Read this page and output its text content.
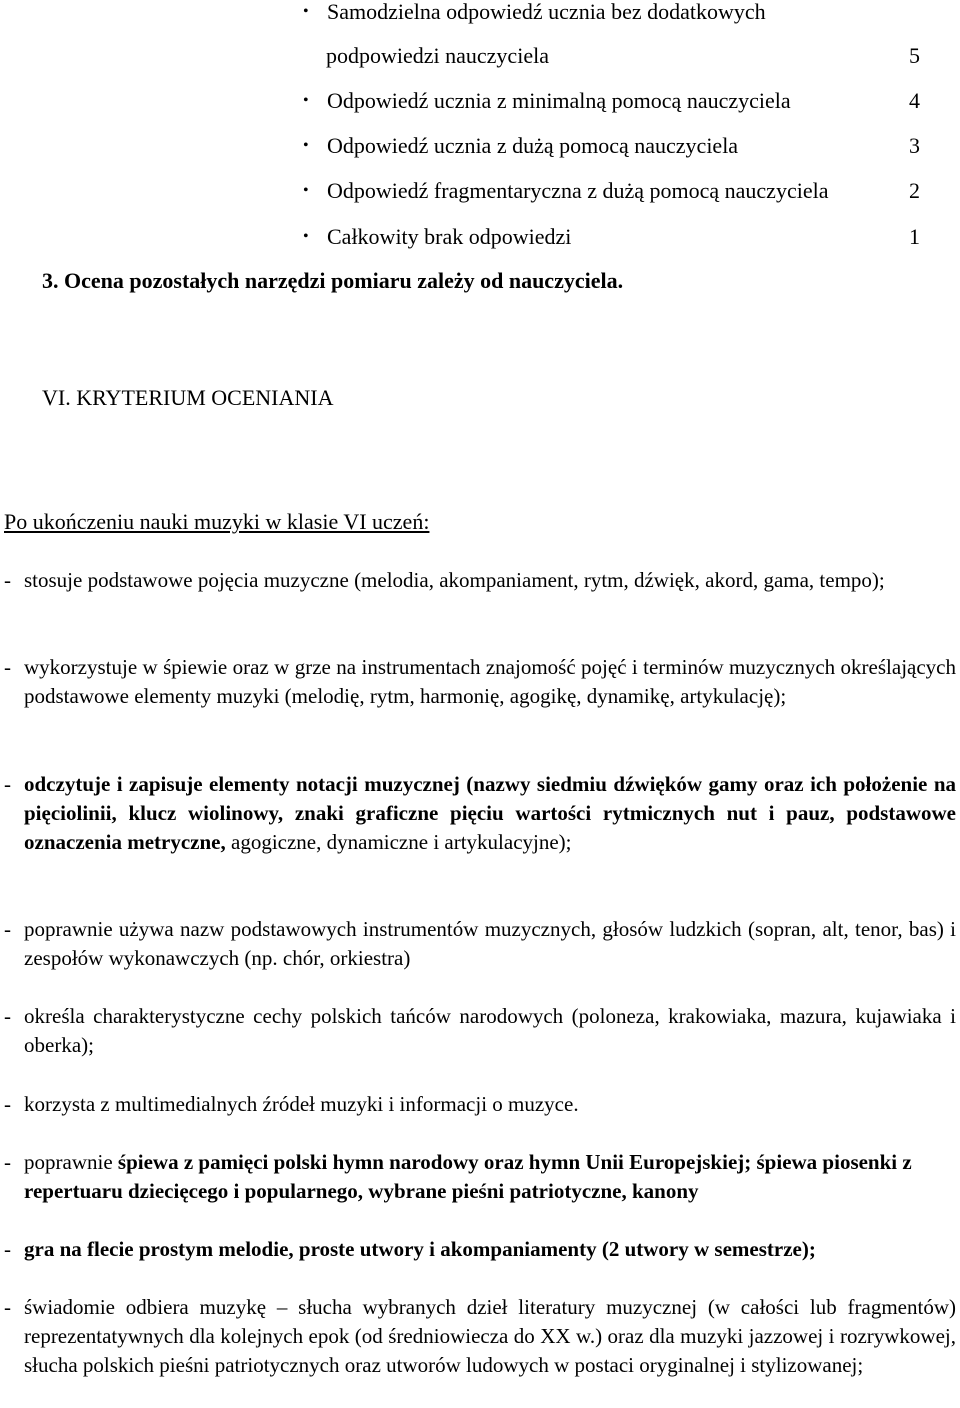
• Samodzielna odpowiedź ucznia bez dodatkowych
podpowiedzi nauczyciela	5
• Odpowiedź ucznia z minimalną pomocą nauczyciela	4
• Odpowiedź ucznia z dużą pomocą nauczyciela	3
• Odpowiedź fragmentaryczna z dużą pomocą nauczyciela	2
• Całkowity brak odpowiedzi	1
3. Ocena pozostałych narzędzi pomiaru zależy od nauczyciela.
VI. KRYTERIUM OCENIANIA
Po ukończeniu nauki muzyki w klasie VI uczeń:
- stosuje podstawowe pojęcia muzyczne (melodia, akompaniament, rytm, dźwięk, akord, gama, tempo);
- wykorzystuje w śpiewie oraz w grze na instrumentach znajomość pojęć i terminów muzycznych określających podstawowe elementy muzyki (melodię, rytm, harmonię, agogikę, dynamikę, artykulację);
- odczytuje i zapisuje elementy notacji muzycznej (nazwy siedmiu dźwięków gamy oraz ich położenie na pięciolinii, klucz wiolinowy, znaki graficzne pięciu wartości rytmicznych nut i pauz, podstawowe oznaczenia metryczne, agogiczne, dynamiczne i artykulacyjne);
- poprawnie używa nazw podstawowych instrumentów muzycznych, głosów ludzkich (sopran, alt, tenor, bas) i zespołów wykonawczych (np. chór, orkiestra)
- określa charakterystyczne cechy polskich tańców narodowych (poloneza, krakowiaka, mazura, kujawiaka i oberka);
- korzysta z multimedialnych źródeł muzyki i informacji o muzyce.
- poprawnie śpiewa z pamięci polski hymn narodowy oraz hymn Unii Europejskiej; śpiewa piosenki z repertuaru dziecięcego i popularnego, wybrane pieśni patriotyczne, kanony
- gra na flecie prostym melodie, proste utwory i akompaniamenty (2 utwory w semestrze);
- świadomie odbiera muzykę – słucha wybranych dzieł literatury muzycznej (w całości lub fragmentów) reprezentatywnych dla kolejnych epok (od średniowiecza do XX w.) oraz dla muzyki jazzowej i rozrywkowej, słucha polskich pieśni patriotycznych oraz utworów ludowych w postaci oryginalnej i stylizowanej;
